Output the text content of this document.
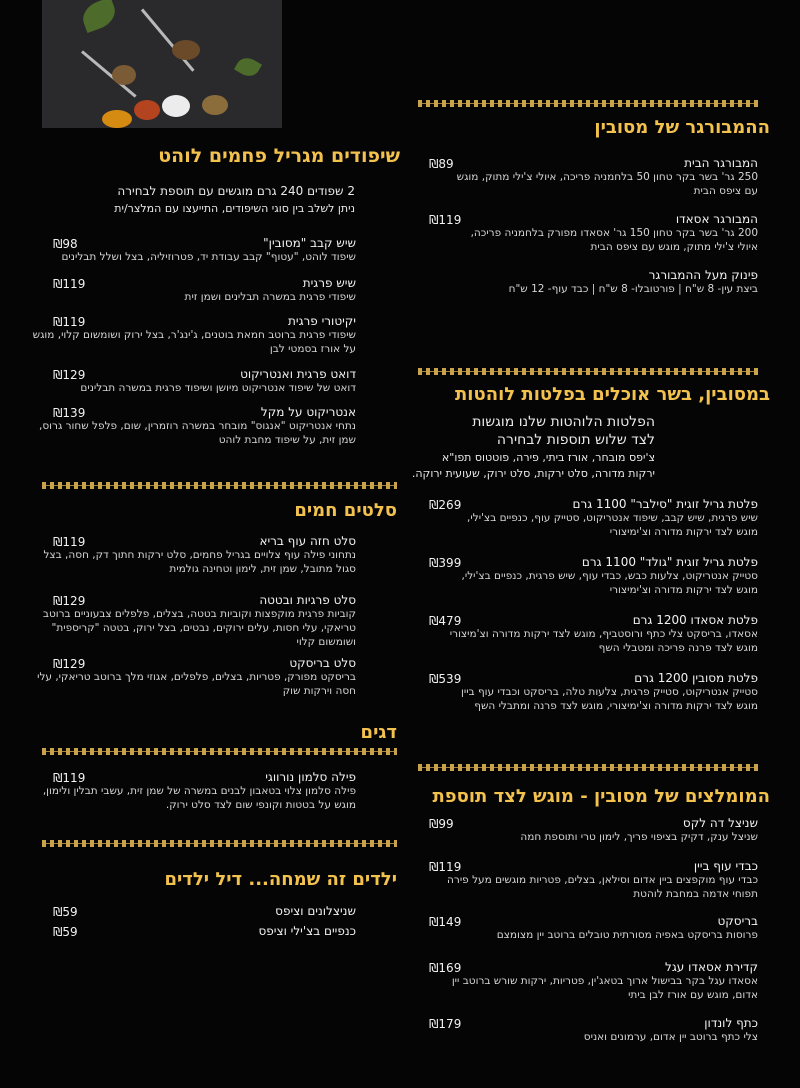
שיפודים מגריל פחמים לוהט
2 שפודים 240 גרם מוגשים עם תוספת לבחירה
ניתן לשלב בין סוגי השיפודים, התייעצו עם המלצר/ית
שיש קבב "מסובין"
שיפוד לוהט, "עטוף" קבב עבודת יד, פטרוזיליה, בצל ושלל תבלינים
₪98
שיש פרגית
שיפודי פרגית במשרה תבלינים ושמן זית
₪119
יקיטורי פרגית
שיפודי פרגית ברוטב חמאת בוטנים, ג'ינג'ר, בצל ירוק ושומשום קלוי, מוגש על אורז בסמטי לבן
₪119
דואט פרגית ואנטריקוט
דואט של שיפוד אנטריקוט מיושן ושיפוד פרגית במשרה תבלינים
₪129
אנטריקוט על מקל
נתחי אנטריקוט "אנגוס" מובחר במשרה רוזמרין, שום, פלפל שחור גרוס, שמן זית, על שיפוד מחבת לוהט
₪139
סלטים חמים
סלט חזה עוף בריא
נתחוני פילה עוף צלויים בגריל פחמים, סלט ירקות חתוך דק, חסה, בצל סגול מתובל, שמן זית, לימון וטחינה גולמית
₪119
סלט פרגיות ובטטה
קוביות פרגית מוקפצות וקוביות בטטה, בצלים, פלפלים צבעוניים ברוטב טריאקי, עלי חסות, עלים ירוקים, נבטים, בצל ירוק, בטטה "קריספית" ושומשום קלוי
₪129
סלט בריסקט
בריסקט מפורק, פטריות, בצלים, פלפלים, אגוזי מלך ברוטב טריאקי, עלי חסה וירקות שוק
₪129
דגים
פילה סלמון נורווגי
פילה סלמון צלוי בטאבון לבנים במשרה של שמן זית, עשבי תבלין ולימון, מוגש על בטטות וקונפי שום לצד סלט ירוק.
₪119
ילדים זה שמחה... דיל ילדים
שניצלונים וציפס
₪59
כנפיים בצ'ילי וציפס
₪59
ההמבורגר של מסובין
המבורגר הבית
250 גר' בשר בקר טחון 50 בלחמניה פריכה, איולי צ'ילי מתוק, מוגש עם ציפס הבית
₪89
המבורגר אסאדו
200 גר' בשר בקר טחון 150 גר' אסאדו מפורק בלחמניה פריכה, איולי צ'ילי מתוק, מוגש עם ציפס הבית
₪119
פינוק מעל ההמבורגר
ביצת עין- 8 ש"ח | פורטובלו- 8 ש"ח | כבד עוף- 12 ש"ח
במסובין, בשר אוכלים בפלטות לוהטות
הפלטות הלוהטות שלנו מוגשות
לצד שלוש תוספות לבחירה
צ'יפס מובחר, אורז ביתי, פירה, פוטטוס תפו"א
ירקות מדורה, סלט ירקות, סלט ירוק, שעועית ירוקה.
פלטת גריל זוגית "סילבר" 1100 גרם
שיש פרגית, שיש קבב, שיפוד אנטריקוט, סטייק עוף, כנפיים בצ'ילי, מוגש לצד ירקות מדורה וצ'ימיצורי
₪269
פלטת גריל זוגית "גולד" 1100 גרם
סטייק אנטריקוט, צלעות כבש, כבדי עוף, שיש פרגית, כנפיים בצ'ילי, מוגש לצד ירקות מדורה וצ'ימיצורי
₪399
פלטת אסאדו 1200 גרם
אסאדו, בריסקט צלי כתף ורוסטביף, מוגש לצד ירקות מדורה וצ'מיצורי מוגש לצד פרנה פריכה ומטבלי השף
₪479
פלטת מסובין 1200 גרם
סטייק אנטריקוט, סטייק פרגית, צלעות טלה, בריסקט וכבדי עוף ביין מוגש לצד ירקות מדורה וצ'ימיצורי, מוגש לצד פרנה ומתבלי השף
₪539
המומלצים של מסובין - מוגש לצד תוספת
שניצל דה לקס
שניצל ענק, דקיק בציפוי פריך, לימון טרי ותוספת חמה
₪99
כבדי עוף ביין
כבדי עוף מוקפצים ביין אדום וסילאן, בצלים, פטריות מוגשים מעל פירה תפוחי אדמה במחבת לוהטת
₪119
בריסקט
פרוסות בריסקט באפיה מסורתית טובלים ברוטב יין מצומצם
₪149
קדירת אסאדו עגל
אסאדו עגל בקר בבישול ארוך בטאג'ין, פטריות, ירקות שורש ברוטב יין אדום, מוגש עם אורז לבן ביתי
₪169
כתף לונדון
צלי כתף ברוטב יין אדום, ערמונים ואניס
₪179
